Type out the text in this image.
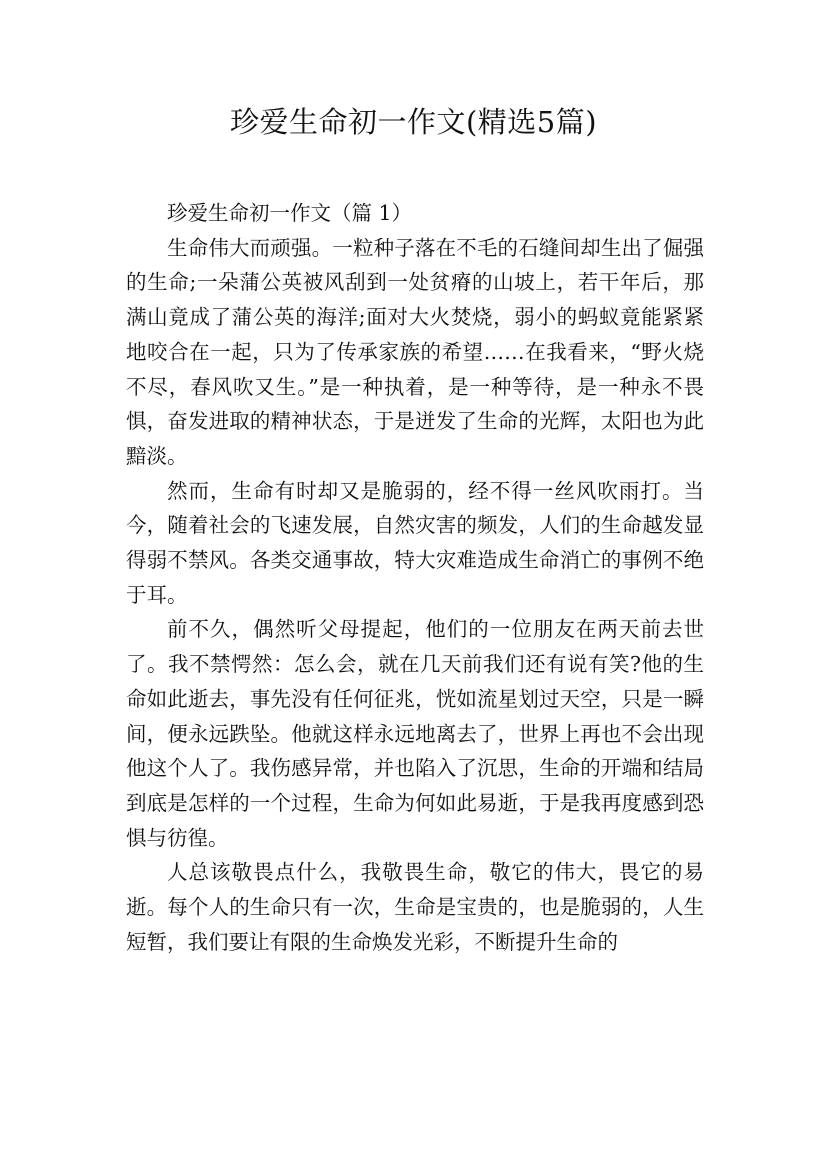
珍爱生命初一作文(精选5篇)

珍爱生命初一作文（篇 1）

生命伟大而顽强。一粒种子落在不毛的石缝间却生出了倔强的生命;一朵蒲公英被风刮到一处贫瘠的山坡上，若干年后，那满山竟成了蒲公英的海洋;面对大火焚烧，弱小的蚂蚁竟能紧紧地咬合在一起，只为了传承家族的希望……在我看来，“野火烧不尽，春风吹又生。”是一种执着，是一种等待，是一种永不畏惧，奋发进取的精神状态，于是迸发了生命的光辉，太阳也为此黯淡。

然而，生命有时却又是脆弱的，经不得一丝风吹雨打。当今，随着社会的飞速发展，自然灾害的频发，人们的生命越发显得弱不禁风。各类交通事故，特大灾难造成生命消亡的事例不绝于耳。

前不久，偶然听父母提起，他们的一位朋友在两天前去世了。我不禁愕然：怎么会，就在几天前我们还有说有笑?他的生命如此逝去，事先没有任何征兆，恍如流星划过天空，只是一瞬间，便永远跌坠。他就这样永远地离去了，世界上再也不会出现他这个人了。我伤感异常，并也陷入了沉思，生命的开端和结局到底是怎样的一个过程，生命为何如此易逝，于是我再度感到恐惧与彷徨。

人总该敬畏点什么，我敬畏生命，敬它的伟大，畏它的易逝。每个人的生命只有一次，生命是宝贵的，也是脆弱的，人生短暂，我们要让有限的生命焕发光彩，不断提升生命的
